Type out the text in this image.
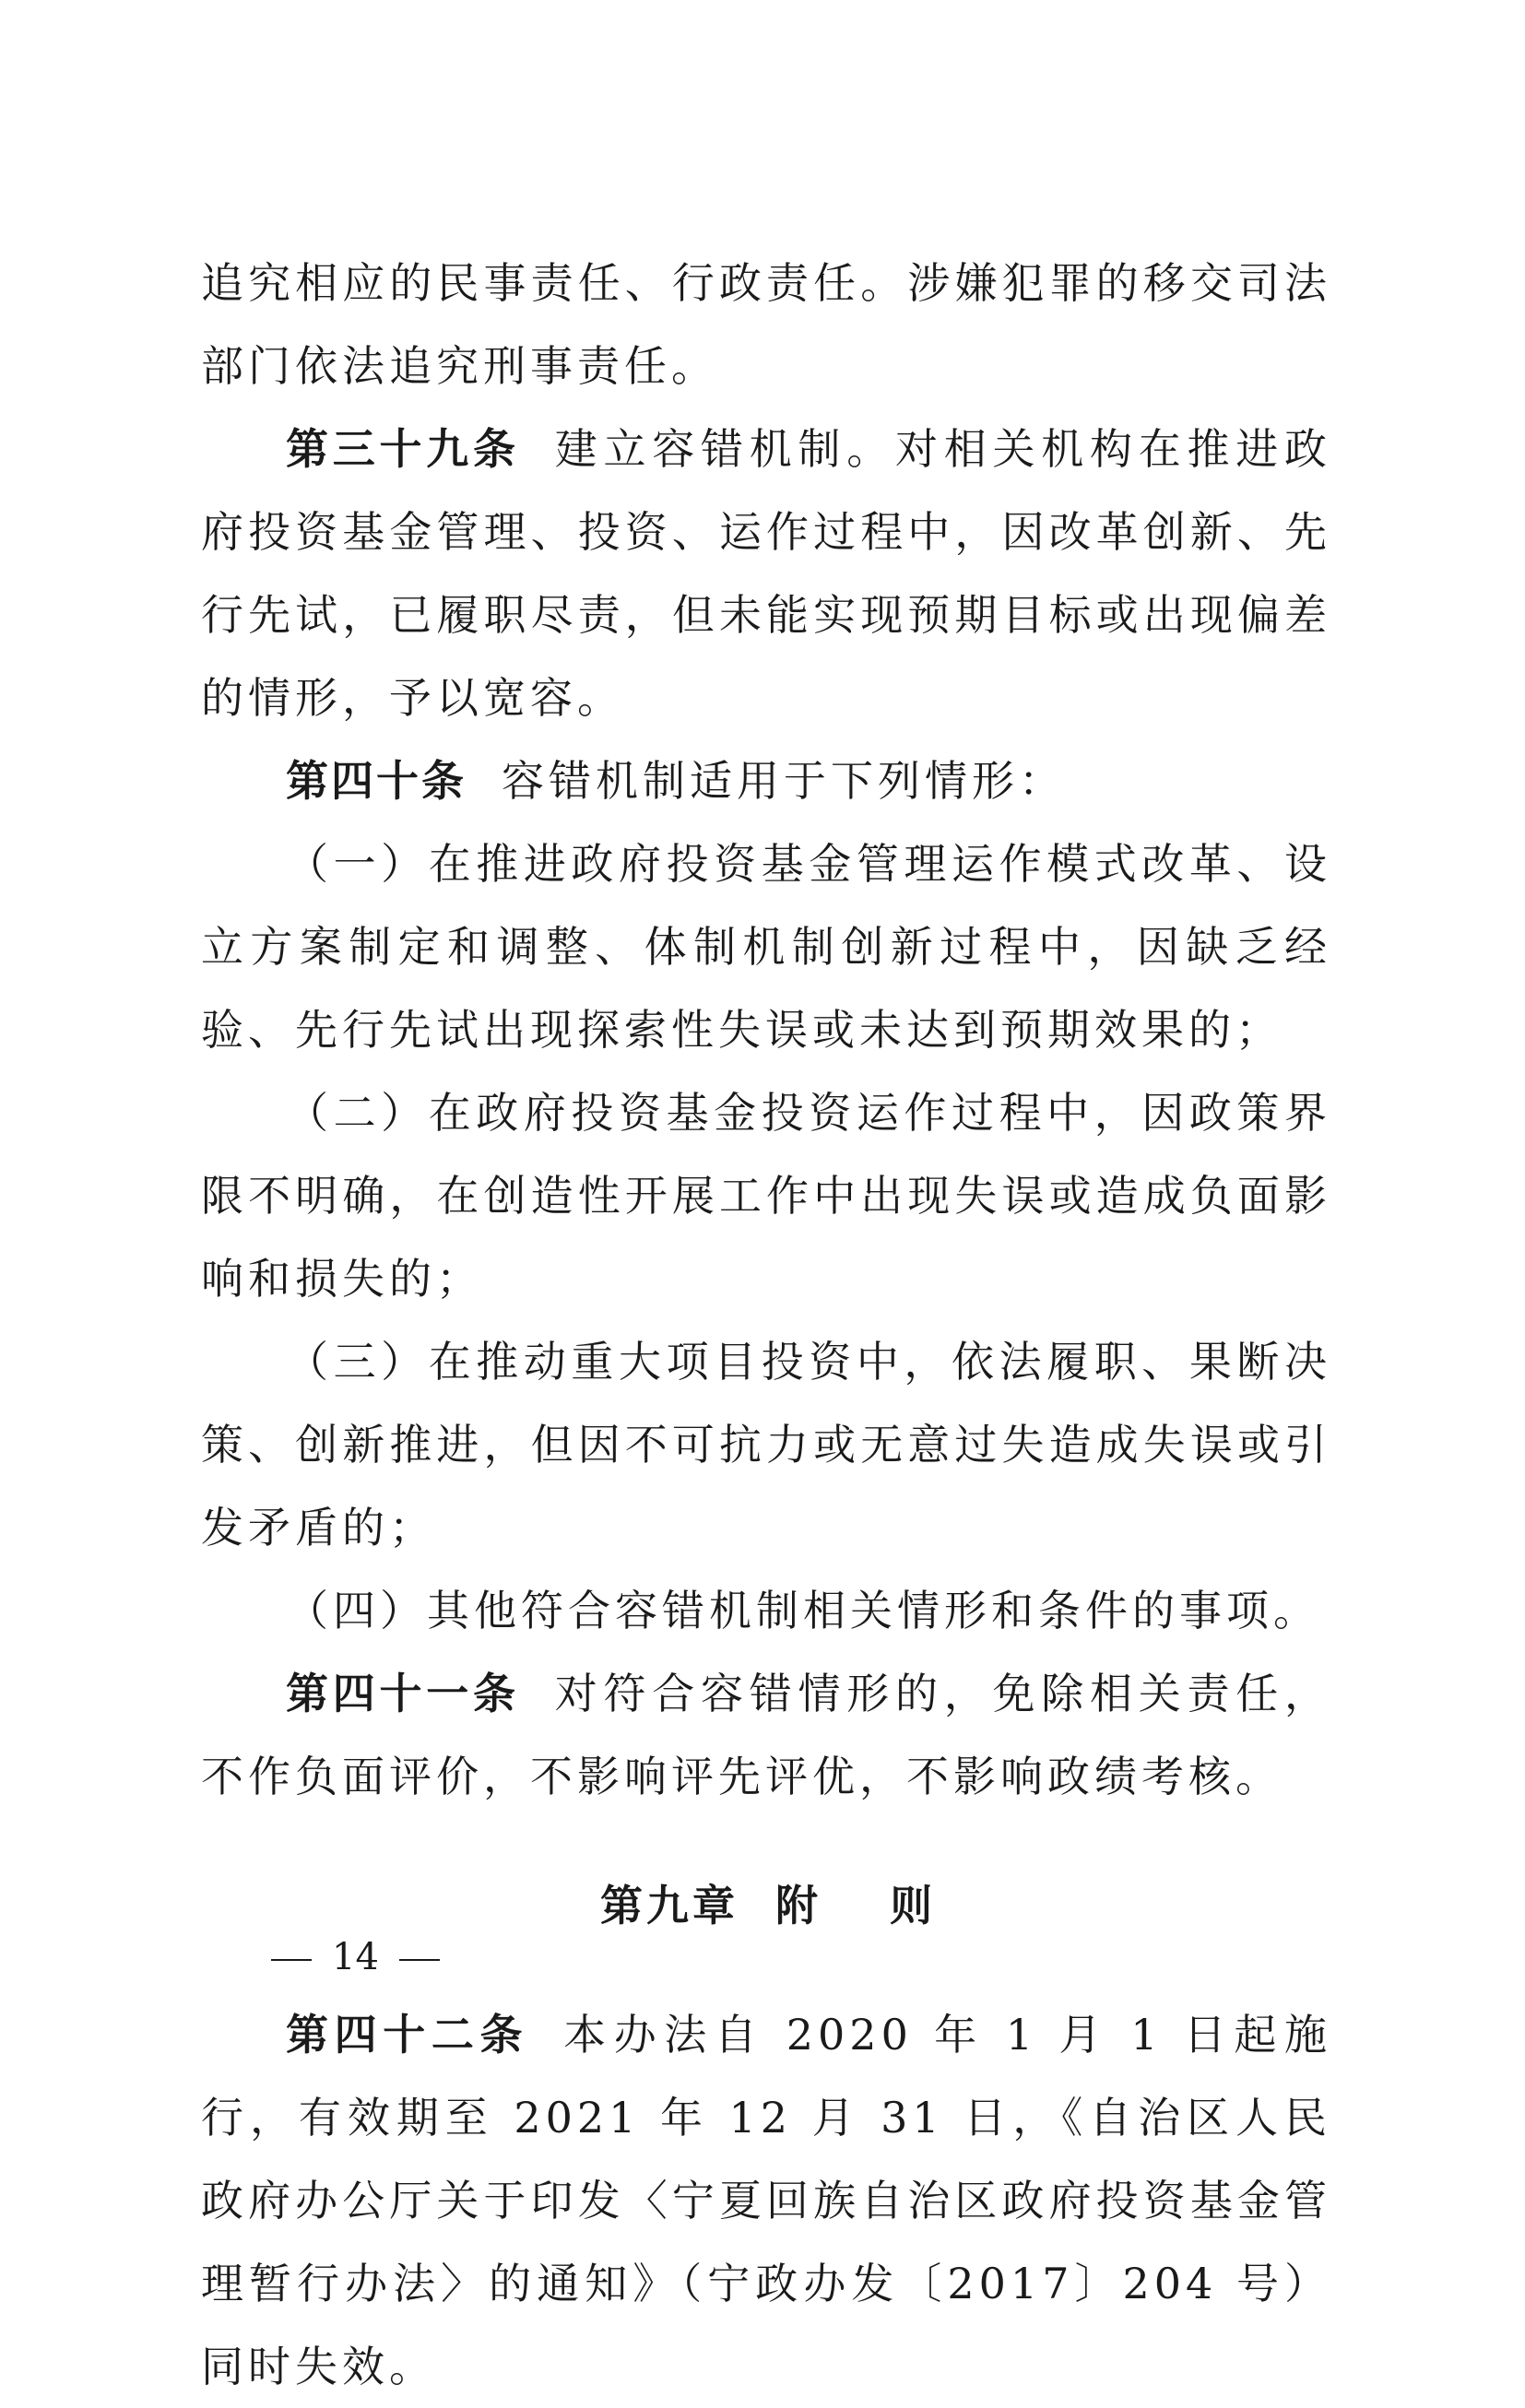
追究相应的民事责任、行政责任。涉嫌犯罪的移交司法部门依法追究刑事责任。

第三十九条 建立容错机制。对相关机构在推进政府投资基金管理、投资、运作过程中，因改革创新、先行先试，已履职尽责，但未能实现预期目标或出现偏差的情形，予以宽容。

第四十条 容错机制适用于下列情形：

（一）在推进政府投资基金管理运作模式改革、设立方案制定和调整、体制机制创新过程中，因缺乏经验、先行先试出现探索性失误或未达到预期效果的；

（二）在政府投资基金投资运作过程中，因政策界限不明确，在创造性开展工作中出现失误或造成负面影响和损失的；

（三）在推动重大项目投资中，依法履职、果断决策、创新推进，但因不可抗力或无意过失造成失误或引发矛盾的；

（四）其他符合容错机制相关情形和条件的事项。

第四十一条 对符合容错情形的，免除相关责任，不作负面评价，不影响评先评优，不影响政绩考核。

第九章 附则

第四十二条 本办法自 2020 年 1 月 1 日起施行，有效期至 2021 年 12 月 31 日，《自治区人民政府办公厅关于印发〈宁夏回族自治区政府投资基金管理暂行办法〉的通知》（宁政办发〔2017〕204 号）同时失效。

14
